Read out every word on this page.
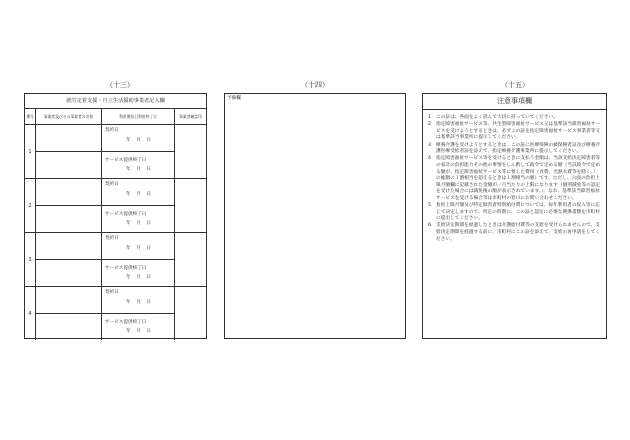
（十三）	（十四）	（十五）
就労定着支援・自立生活援助事業者記入欄
番号	事業者及びその事業者の名称	利用開始日利用終了日	事業者確認印
1
契約日
年　月　日
サービス提供終了日
年　月　日
2
契約日
年　月　日
サービス提供終了日
年　月　日
3
契約日
年　月　日
サービス提供終了日
年　月　日
4
契約日
年　月　日
サービス提供終了日
年　月　日
予備欄	注意事項欄
1	この証は、各面をよく読んで大切に持っていてください。
2	指定障害福祉サービス等、共生型障害福祉サービス又は基準該当障害福祉サービスを受けようとするときは、必ずこの証を指定障害福祉サービス事業者等又は基準該当事業所に提示してください。
3	療養介護を受けようとするときは、この証に医療保険の被保険者証及び療養介護医療受給者証を添えて、指定療養介護事業所に提示してください。
4	指定障害福祉サービス等を受けるときに支払う金額は、当該支給決定障害者等の家計の負担能力その他の事情をしん酌して政令で定める額（当該政令で定める額が、指定障害福祉サービス等に要した費用（食費、光熱水費等を除く。）の総額の１割相当を超えるときは１割相当の額）です。ただし、六面の負担上限月額欄に記載された金額が一月当たりの上限になります（個別減免等の認定を受けた場合には減免後の額が表示されています。）。なお、基準該当障害福祉サービスを受ける場合等は市町村の窓口にお問い合わせください。
5	負担上限月額及び特定障害者特別給付費については、毎年利用者の収入等に応じて決定しますので、所定の時期に、この証と認定に必要な関係書類を市町村に提出してください。
6	支給決定期間を経過したときは介護給付費等の支給を受けられませんので、支給決定期間を経過する前に、市町村にこの証を添えて、支給の再申請をしてください。
